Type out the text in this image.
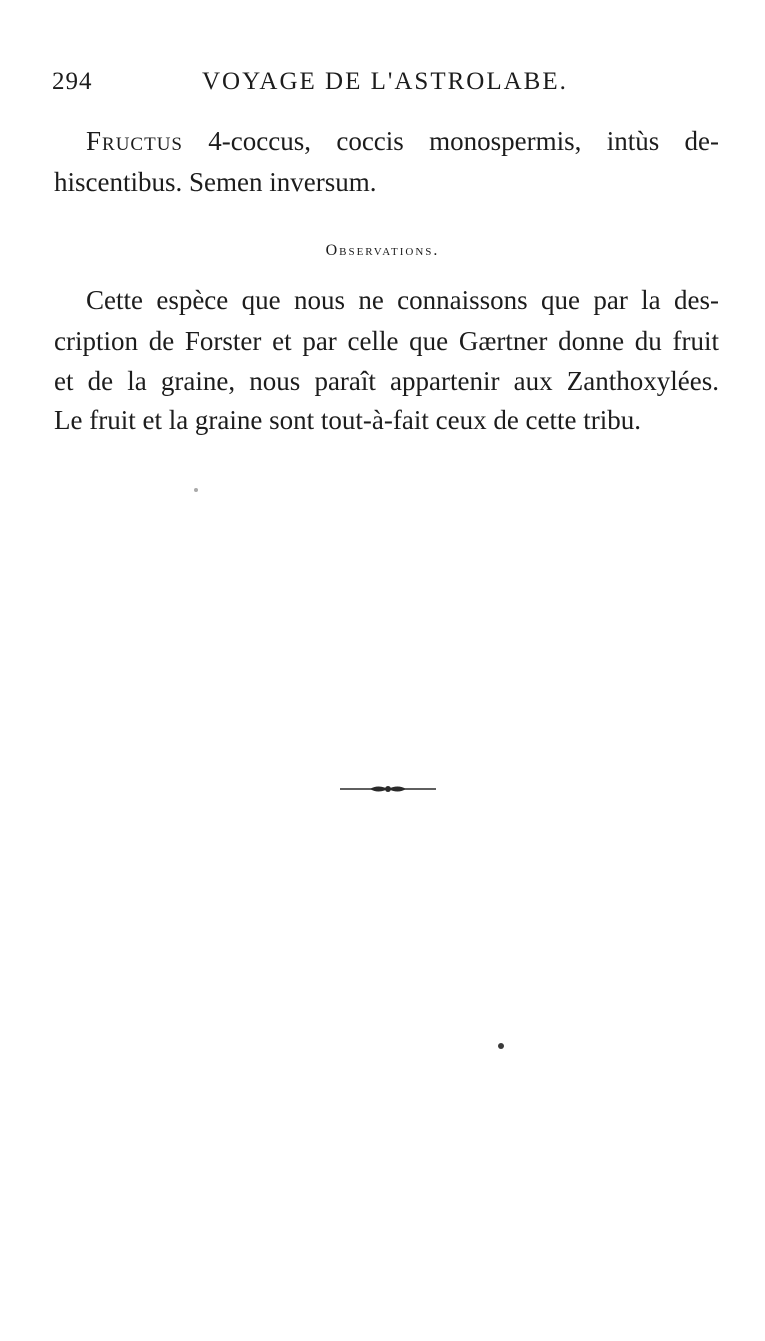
294	VOYAGE DE L'ASTROLABE.
Fructus 4-coccus, coccis monospermis, intùs de-
hiscentibus. Semen inversum.
Observations.
Cette espèce que nous ne connaissons que par la des-
cription de Forster et par celle que Gærtner donne du fruit
et de la graine, nous paraît appartenir aux Zanthoxylées.
Le fruit et la graine sont tout-à-fait ceux de cette tribu.
